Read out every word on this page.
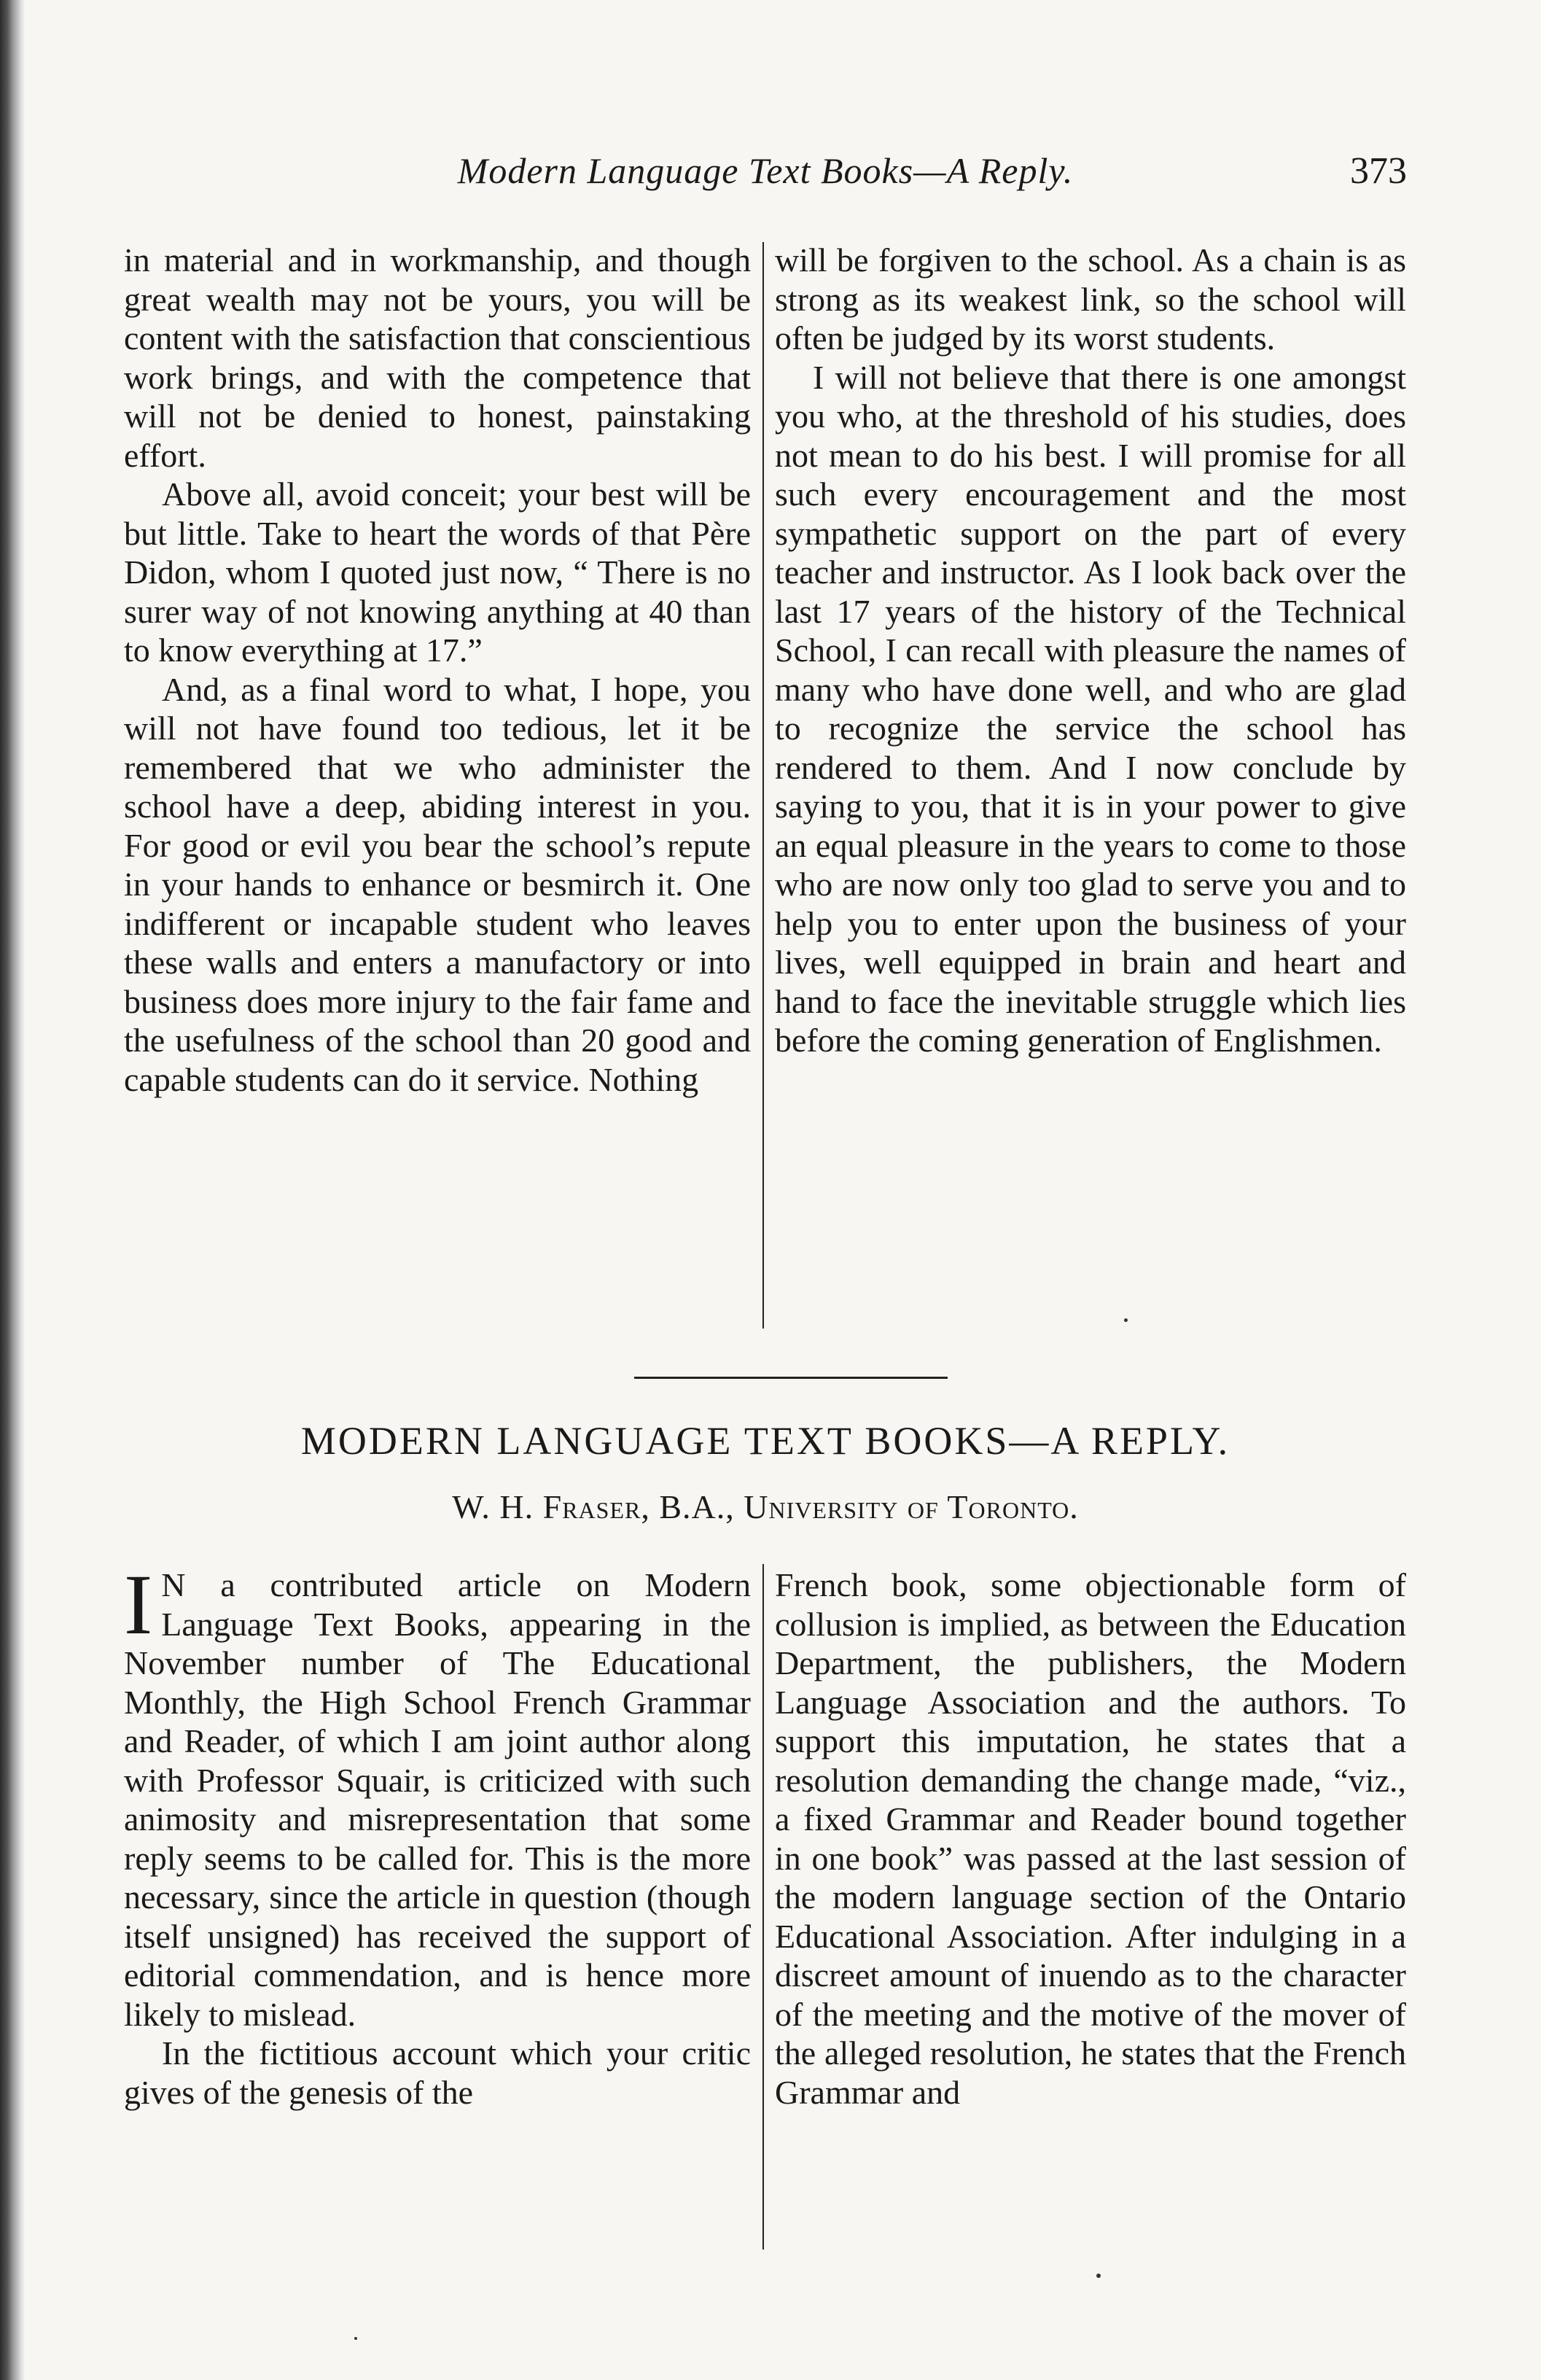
Modern Language Text Books—A Reply.	373

in material and in workmanship, and though great wealth may not be yours, you will be content with the satisfaction that conscientious work brings, and with the competence that will not be denied to honest, painstaking effort.

Above all, avoid conceit; your best will be but little. Take to heart the words of that Père Didon, whom I quoted just now, “ There is no surer way of not knowing anything at 40 than to know everything at 17.”

And, as a final word to what, I hope, you will not have found too tedious, let it be remembered that we who administer the school have a deep, abiding interest in you. For good or evil you bear the school’s repute in your hands to enhance or besmirch it. One indifferent or incapable student who leaves these walls and enters a manufactory or into business does more injury to the fair fame and the usefulness of the school than 20 good and capable students can do it service. Nothing

will be forgiven to the school. As a chain is as strong as its weakest link, so the school will often be judged by its worst students.

I will not believe that there is one amongst you who, at the threshold of his studies, does not mean to do his best. I will promise for all such every encouragement and the most sympathetic support on the part of every teacher and instructor. As I look back over the last 17 years of the history of the Technical School, I can recall with pleasure the names of many who have done well, and who are glad to recognize the service the school has rendered to them. And I now conclude by saying to you, that it is in your power to give an equal pleasure in the years to come to those who are now only too glad to serve you and to help you to enter upon the business of your lives, well equipped in brain and heart and hand to face the inevitable struggle which lies before the coming generation of Englishmen.

MODERN LANGUAGE TEXT BOOKS—A REPLY.
W. H. Fraser, B.A., University of Toronto.

I N a contributed article on Modern Language Text Books, appearing in the November number of The Educational Monthly, the High School French Grammar and Reader, of which I am joint author along with Professor Squair, is criticized with such animosity and misrepresentation that some reply seems to be called for. This is the more necessary, since the article in question (though itself unsigned) has received the support of editorial commendation, and is hence more likely to mislead.

In the fictitious account which your critic gives of the genesis of the

French book, some objectionable form of collusion is implied, as between the Education Department, the publishers, the Modern Language Association and the authors. To support this imputation, he states that a resolution demanding the change made, “viz., a fixed Grammar and Reader bound together in one book” was passed at the last session of the modern language section of the Ontario Educational Association. After indulging in a discreet amount of inuendo as to the character of the meeting and the motive of the mover of the alleged resolution, he states that the French Grammar and
